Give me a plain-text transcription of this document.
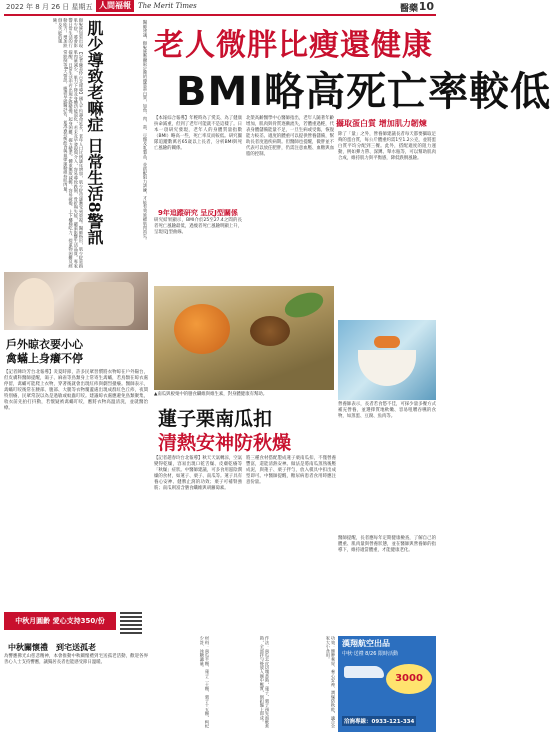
2022 年 8 月 26 日 星期五 人間福報	The Merit Times	醫藥 10
銀髮族如果出現肌少症，將會影響日常生活的行動能力，增加跌倒及失能的風險。	肌少導致老嘛症 日常生活8警訊
【記者陳美伶台北報導】國人平均壽命延長，老年人口比例逐年增加，肌少症也逐漸受到重視。醫師指出，肌少症是指肌肉量減少、肌力下降及身體功能退化，若未及早發現與介入，容易導致跌倒、骨折與失能，嚴重影響生活品質。專家提醒，日常生活中若出現走路變慢、起身困難、握力變差、體重無故減輕、容易疲倦、上下樓梯吃力、提重物困難及經常跌倒等8大警訊，應盡早就醫評估，並透過均衡飲食與規律運動維持肌肉量。	醫師建議，銀髮族應攝取足夠的優質蛋白質，如魚、肉、蛋、豆類及乳製品，並搭配阻力訓練，才能有效延緩肌肉流失。
戶外晾衣要小心
禽蟎上身癢不停
【記者陳玲芳台北報導】炎夏時節，許多民眾習慣將衣物晾在戶外陽台，但皮膚科醫師提醒，鴿子、麻雀等鳥類身上常寄生禽蟎，若鳥類在晾衣處停留，禽蟎可能爬上衣物，穿著後就會出現紅疹與劇烈搔癢。醫師表示，禽蟎叮咬後常在腰部、腹部、大腿等衣物覆蓋處出現成群紅色丘疹，夜間特別癢，民眾常誤以為是過敏或蚊蟲叮咬。建議晾衣處應避免鳥類聚集，收衣前先拍打抖動，若懷疑被禽蟎叮咬，應將衣物高溫清洗，並就醫治療。
中秋月圓齡 愛心支持350/份
中秋關懷禮　到宅送孤老
為響應佛光山慈悲精神，本會推動中秋關懷禮到宅送孤老活動，歡迎各界善心人士支持響應，讓獨居長者也能感受節日溫暖。
老人微胖比瘦還健康
BMI略高死亡率較低
【本報綜合報導】年輕時為了愛美、為了健康拚命減重，但到了老年可能就不是這樣了。日本一項研究發現，老年人的身體質量指數（BMI）略高一些，死亡率反而較低。研究團隊追蹤數萬名65歲以上長者，分析BMI與死亡風險的關係。
9年追蹤研究 呈反J型關係
研究結果顯示，BMI介於25至27.4之間的長者死亡風險最低，過瘦者死亡風險明顯上升，呈現反J型曲線。
北榮高齡醫學中心醫師指出，老年人隨著年齡增加，肌肉與骨質逐漸流失，若體重過輕，代表身體儲備能量不足，一旦生病或受傷，恢復能力較差。適度的體重可以提供營養儲備，幫助長者度過疾病期。但醫師也提醒，微胖並不代表可以放任肥胖，仍需注意血壓、血糖與血脂的控制。
攝取蛋白質 增加肌力韌煉
除了「量」之外，營養師建議長者每天都要攝取足夠的蛋白質，每公斤體重約需1至1.2公克，並將蛋白質平均分配到三餐。此外，搭配適度的阻力運動，例如彈力帶、深蹲、舉水瓶等，可以幫助肌肉合成，維持肌力與平衡感，降低跌倒風險。
▲南瓜與板栗中的膳食纖維與維生素，對身體健康有幫助。
營養師表示，長者若食慾不佳，可採少量多餐方式補充營養，並選擇質地軟嫩、容易咀嚼吞嚥的食物，如蒸蛋、豆腐、魚肉等。
蓮子栗南瓜扣
清熱安神防秋燥
【記者趙春玲台北報導】秋天天氣轉涼，空氣變得乾燥，容易出現口乾舌燥、皮膚乾癢等「秋燥」症狀。中醫師建議，可多食用滋陰潤燥的食材，如蓮子、栗子、南瓜等。蓮子具有養心安神、健脾止瀉的功效；栗子可補腎強筋；南瓜則富含膳食纖維與胡蘿蔔素。
將三種食材搭配製成蓮子栗南瓜扣，不僅營養豐富，還能清熱安神。做法是將南瓜蒸熟後壓成泥，與蓮子、栗子拌勻，放入模具中扣出成型即可。中醫師提醒，糖尿病患者食用時應注意份量。
材料：南瓜半顆、蓮子二十顆、栗子十五顆、枸杞少許、冰糖適量。	作法：南瓜去皮切塊蒸熟，蓮子、栗子預先泡軟煮熟，全部拌勻後放入碗中壓實，倒扣盤上即成。	功效：健脾養胃、養心安神、潤燥防秋乾，適合全家大小食用。
醫師提醒，長者應每年定期健康檢查，了解自己的體重、肌肉量與營養狀態，並在醫師與營養師的指導下，維持適當體重，才能健康老化。
漢翔航空出品
中秋‧送禮 8/26 限時活動
3000
洽詢專線：0933-121-334
